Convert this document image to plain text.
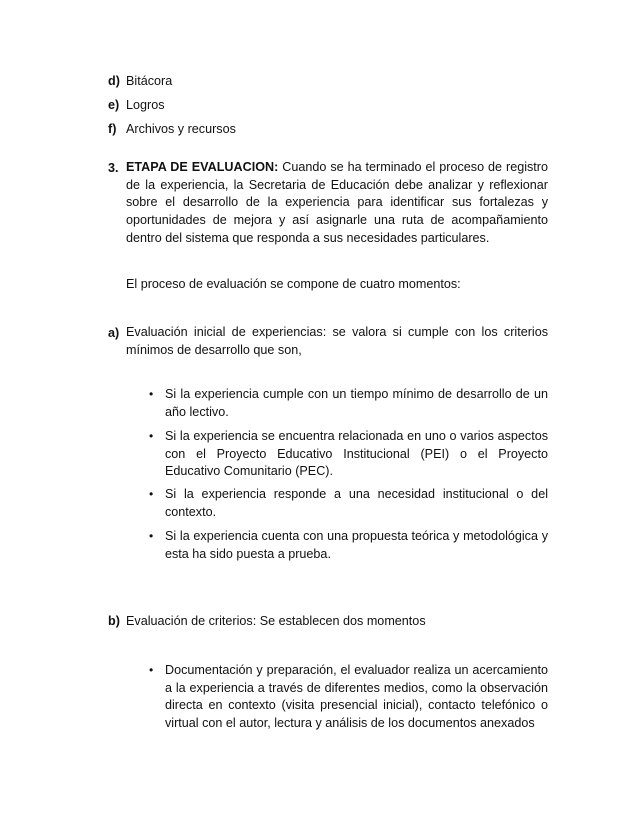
d) Bitácora
e) Logros
f) Archivos y recursos
3. ETAPA DE EVALUACION: Cuando se ha terminado el proceso de registro de la experiencia, la Secretaria de Educación debe analizar y reflexionar sobre el desarrollo de la experiencia para identificar sus fortalezas y oportunidades de mejora y así asignarle una ruta de acompañamiento dentro del sistema que responda a sus necesidades particulares.
El proceso de evaluación se compone de cuatro momentos:
a) Evaluación inicial de experiencias: se valora si cumple con los criterios mínimos de desarrollo que son,
• Si la experiencia cumple con un tiempo mínimo de desarrollo de un año lectivo.
• Si la experiencia se encuentra relacionada en uno o varios aspectos con el Proyecto Educativo Institucional (PEI) o el Proyecto Educativo Comunitario (PEC).
• Si la experiencia responde a una necesidad institucional o del contexto.
• Si la experiencia cuenta con una propuesta teórica y metodológica y esta ha sido puesta a prueba.
b) Evaluación de criterios: Se establecen dos momentos
• Documentación y preparación, el evaluador realiza un acercamiento a la experiencia a través de diferentes medios, como la observación directa en contexto (visita presencial inicial), contacto telefónico o virtual con el autor, lectura y análisis de los documentos anexados
